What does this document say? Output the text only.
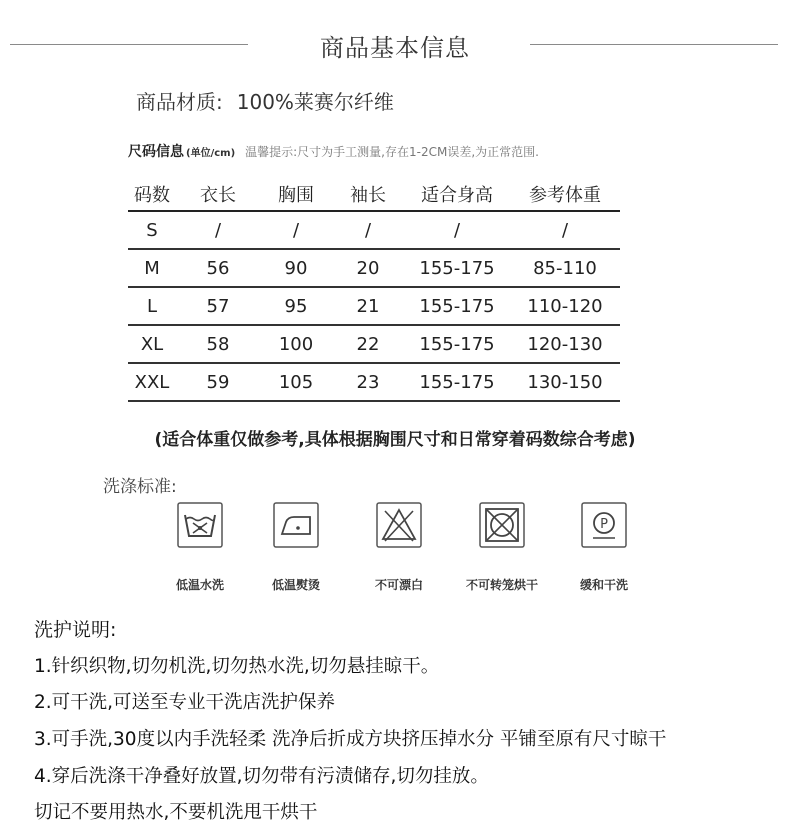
商品基本信息
商品材质: 100%莱赛尔纤维
尺码信息 (单位/cm) 温馨提示:尺寸为手工测量,存在1-2CM误差,为正常范围.
码数	衣长	胸围	袖长	适合身高	参考体重
S	/	/	/	/	/
M	56	90	20	155-175	85-110
L	57	95	21	155-175	110-120
XL	58	100	22	155-175	120-130
XXL	59	105	23	155-175	130-150
(适合体重仅做参考,具体根据胸围尺寸和日常穿着码数综合考虑)
洗涤标准:
低温水洗	低温熨烫	不可漂白	不可转笼烘干
P
缓和干洗
洗护说明:
1.针织织物,切勿机洗,切勿热水洗,切勿悬挂晾干。
2.可干洗,可送至专业干洗店洗护保养
3.可手洗,30度以内手洗轻柔 洗净后折成方块挤压掉水分 平铺至原有尺寸晾干
4.穿后洗涤干净叠好放置,切勿带有污渍储存,切勿挂放。
切记不要用热水,不要机洗甩干烘干
